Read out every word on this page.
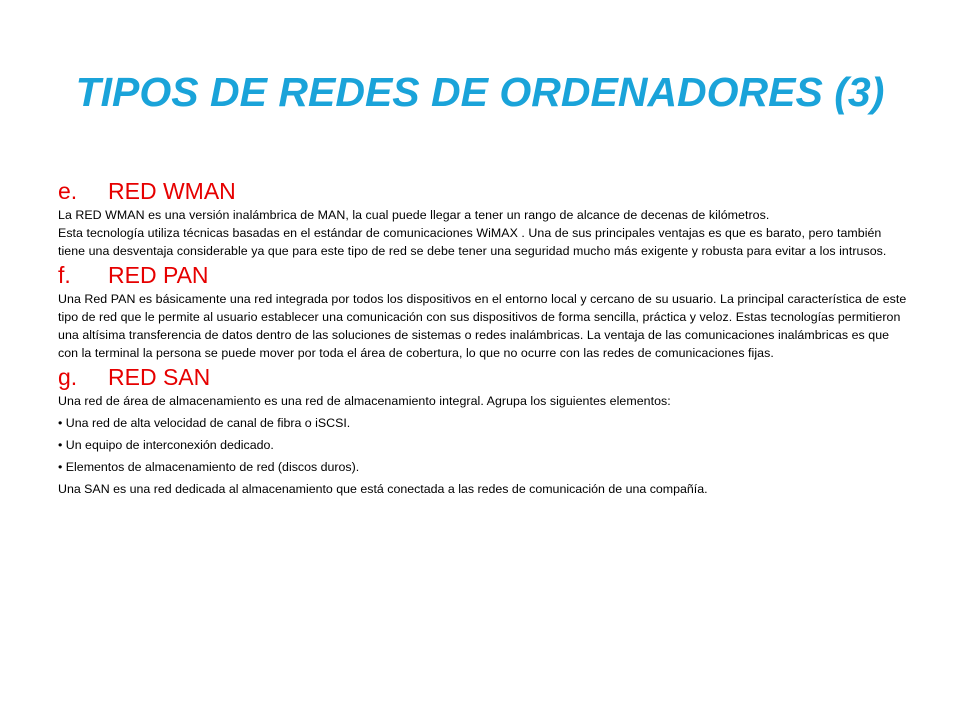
TIPOS DE REDES DE ORDENADORES (3)
e.	RED WMAN

La RED WMAN es una versión inalámbrica de MAN, la cual puede llegar a tener un rango de alcance de decenas de kilómetros.

Esta tecnología utiliza técnicas basadas en el estándar de comunicaciones WiMAX . Una de sus principales ventajas es que es barato, pero también tiene una desventaja considerable ya que para este tipo de red se debe tener una seguridad mucho más exigente y robusta para evitar a los intrusos.

f.	RED PAN

Una Red PAN es básicamente una red integrada por todos los dispositivos en el entorno local y cercano de su usuario. La principal característica de este tipo de red que le permite al usuario establecer una comunicación con sus dispositivos de forma sencilla, práctica y veloz. Estas tecnologías permitieron una altísima transferencia de datos dentro de las soluciones de sistemas o redes inalámbricas. La ventaja de las comunicaciones inalámbricas es que con la terminal la persona se puede mover por toda el área de cobertura, lo que no ocurre con las redes de comunicaciones fijas.

g.	RED SAN

Una red de área de almacenamiento es una red de almacenamiento integral. Agrupa los siguientes elementos:

• Una red de alta velocidad de canal de fibra o iSCSI.

• Un equipo de interconexión dedicado.

• Elementos de almacenamiento de red (discos duros).

Una SAN es una red dedicada al almacenamiento que está conectada a las redes de comunicación de una compañía.
